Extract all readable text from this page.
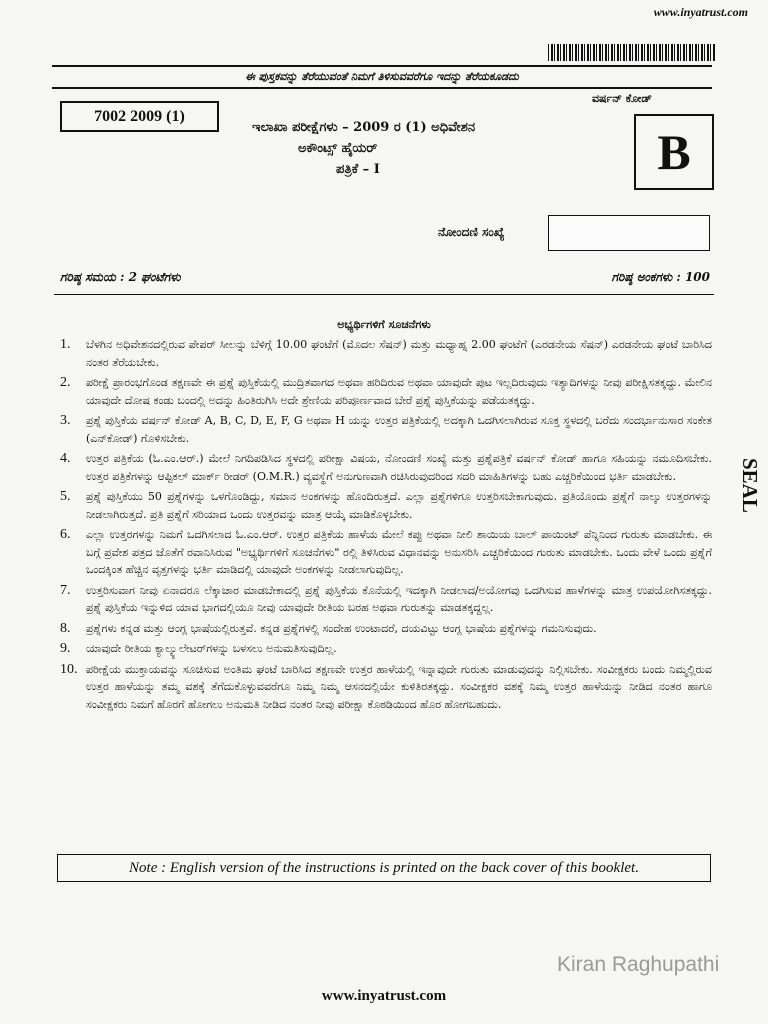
www.inyatrust.com
ಈ ಪುಸ್ತಕವನ್ನು ತೆರೆಯುವಂತೆ ನಿಮಗೆ ತಿಳಿಸುವವರೆಗೂ ಇದನ್ನು ತೆರೆಯಕೂಡದು
7002 2009 (1)
ಇಲಾಖಾ ಪರೀಕ್ಷೆಗಳು – 2009 ರ (1) ಅಧಿವೇಶನ
ಅಕೌಂಟ್ಸ್ ಹೈಯರ್
ಪತ್ರಿಕೆ – I
ವರ್ಷನ್ ಕೋಡ್
B
ನೋಂದಣಿ ಸಂಖ್ಯೆ
ಗರಿಷ್ಠ ಸಮಯ : 2 ಘಂಟೆಗಳು	ಗರಿಷ್ಠ ಅಂಕಗಳು : 100
ಅಭ್ಯರ್ಥಿಗಳಿಗೆ ಸೂಚನೆಗಳು
1. ಬೆಳಗಿನ ಅಧಿವೇಶನದಲ್ಲಿರುವ ಪೇಪರ್ ಸೀಲನ್ನು ಬೆಳಿಗ್ಗೆ 10.00 ಘಂಟೆಗೆ (ಮೊದಲ ಸೆಷನ್) ಮತ್ತು ಮಧ್ಯಾಹ್ನ 2.00 ಘಂಟೆಗೆ (ಎರಡನೇಯ ಸೆಷನ್) ಎರಡನೇಯ ಘಂಟೆ ಬಾರಿಸಿದ ನಂತರ ತೆರೆಯಬೇಕು.
2. ಪರೀಕ್ಷೆ ಪ್ರಾರಂಭಗೊಂಡ ತಕ್ಷಣವೇ ಈ ಪ್ರಶ್ನೆ ಪುಸ್ತಿಕೆಯಲ್ಲಿ ಮುದ್ರಿತವಾಗದ ಅಥವಾ ಹರಿದಿರುವ ಅಥವಾ ಯಾವುದೇ ಪುಟ ಇಲ್ಲದಿರುವುದು ಇತ್ಯಾದಿಗಳನ್ನು ನೀವು ಪರೀಕ್ಷಿಸತಕ್ಕದ್ದು. ಮೇಲಿನ ಯಾವುದೇ ದೋಷ ಕಂಡು ಬಂದಲ್ಲಿ ಅದನ್ನು ಹಿಂತಿರುಗಿಸಿ ಅದೇ ಶ್ರೇಣಿಯ ಪರಿಪೂರ್ಣವಾದ ಬೇರೆ ಪ್ರಶ್ನೆ ಪುಸ್ತಿಕೆಯನ್ನು ಪಡೆಯತಕ್ಕದ್ದು.
3. ಪ್ರಶ್ನೆ ಪುಸ್ತಿಕೆಯ ವರ್ಷನ್ ಕೋಡ್ A, B, C, D, E, F, G ಅಥವಾ H ಯನ್ನು ಉತ್ತರ ಪತ್ರಿಕೆಯಲ್ಲಿ ಅದಕ್ಕಾಗಿ ಒದಗಿಸಲಾಗಿರುವ ಸೂಕ್ತ ಸ್ಥಳದಲ್ಲಿ ಬರೆದು ಸಂದರ್ಭಾನುಸಾರ ಸಂಕೇತ (ಎನ್‌ಕೋಡ್) ಗೊಳಿಸಬೇಕು.
4. ಉತ್ತರ ಪತ್ರಿಕೆಯ (ಓ.ಎಂ.ಆರ್.) ಮೇಲೆ ನಿಗದಿಪಡಿಸಿದ ಸ್ಥಳದಲ್ಲಿ ಪರೀಕ್ಷಾ ವಿಷಯ, ನೋಂದಣಿ ಸಂಖ್ಯೆ ಮತ್ತು ಪ್ರಶ್ನೆಪತ್ರಿಕೆ ವರ್ಷನ್ ಕೋಡ್ ಹಾಗೂ ಸಹಿಯನ್ನು ನಮೂದಿಸಬೇಕು. ಉತ್ತರ ಪತ್ರಿಕೆಗಳನ್ನು ಆಪ್ಟಿಕಲ್ ಮಾರ್ಕ್ ರೀಡರ್ (O.M.R.) ವ್ಯವಸ್ಥೆಗೆ ಅನುಗುಣವಾಗಿ ರಚಿಸಿರುವುದರಿಂದ ಸದರಿ ಮಾಹಿತಿಗಳನ್ನು ಬಹು ಎಚ್ಚರಿಕೆಯಿಂದ ಭರ್ತಿ ಮಾಡಬೇಕು.
5. ಪ್ರಶ್ನೆ ಪುಸ್ತಿಕೆಯು 50 ಪ್ರಶ್ನೆಗಳನ್ನು ಒಳಗೊಂಡಿದ್ದು, ಸಮಾನ ಅಂಕಗಳನ್ನು ಹೊಂದಿರುತ್ತದೆ. ಎಲ್ಲಾ ಪ್ರಶ್ನೆಗಳಿಗೂ ಉತ್ತರಿಸಬೇಕಾಗುವುದು. ಪ್ರತಿಯೊಂದು ಪ್ರಶ್ನೆಗೆ ನಾಲ್ಕು ಉತ್ತರಗಳನ್ನು ನೀಡಲಾಗಿರುತ್ತದೆ. ಪ್ರತಿ ಪ್ರಶ್ನೆಗೆ ಸರಿಯಾದ ಒಂದು ಉತ್ತರವನ್ನು ಮಾತ್ರ ಆಯ್ಕೆ ಮಾಡಿಕೊಳ್ಳಬೇಕು.
6. ಎಲ್ಲಾ ಉತ್ತರಗಳನ್ನು ನಿಮಗೆ ಒದಗಿಸಲಾದ ಓ.ಎಂ.ಆರ್. ಉತ್ತರ ಪತ್ರಿಕೆಯ ಹಾಳೆಯ ಮೇಲೆ ಕಪ್ಪು ಅಥವಾ ನೀಲಿ ಶಾಯಿಯ ಬಾಲ್ ಪಾಯಿಂಟ್ ಪೆನ್ನಿನಿಂದ ಗುರುತು ಮಾಡಬೇಕು. ಈ ಬಗ್ಗೆ ಪ್ರವೇಶ ಪತ್ರದ ಜೊತೆಗೆ ರವಾನಿಸಿರುವ "ಅಭ್ಯರ್ಥಿಗಳಿಗೆ ಸೂಚನೆಗಳು" ರಲ್ಲಿ ತಿಳಿಸಿರುವ ವಿಧಾನವನ್ನು ಅನುಸರಿಸಿ ಎಚ್ಚರಿಕೆಯಿಂದ ಗುರುತು ಮಾಡಬೇಕು. ಒಂದು ವೇಳೆ ಒಂದು ಪ್ರಶ್ನೆಗೆ ಒಂದಕ್ಕಿಂತ ಹೆಚ್ಚಿನ ವೃತ್ತಗಳನ್ನು ಭರ್ತಿ ಮಾಡಿದಲ್ಲಿ ಯಾವುದೇ ಅಂಕಗಳನ್ನು ನೀಡಲಾಗುವುದಿಲ್ಲ.
7. ಉತ್ತರಿಸುವಾಗ ನೀವು ಏನಾದರೂ ಲೆಕ್ಕಾಚಾರ ಮಾಡಬೇಕಾದಲ್ಲಿ ಪ್ರಶ್ನೆ ಪುಸ್ತಿಕೆಯ ಕೊನೆಯಲ್ಲಿ ಇದಕ್ಕಾಗಿ ನೀಡಲಾದ/ಅಯೋಗವು ಒದಗಿಸುವ ಹಾಳೆಗಳನ್ನು ಮಾತ್ರ ಉಪಯೋಗಿಸತಕ್ಕದ್ದು. ಪ್ರಶ್ನೆ ಪುಸ್ತಿಕೆಯ ಇನ್ನುಳಿದ ಯಾವ ಭಾಗದಲ್ಲಿಯೂ ನೀವು ಯಾವುದೇ ರೀತಿಯ ಬರಹ ಅಥವಾ ಗುರುತನ್ನು ಮಾಡತಕ್ಕದ್ದಲ್ಲ.
8. ಪ್ರಶ್ನೆಗಳು ಕನ್ನಡ ಮತ್ತು ಆಂಗ್ಲ ಭಾಷೆಯಲ್ಲಿರುತ್ತವೆ. ಕನ್ನಡ ಪ್ರಶ್ನೆಗಳಲ್ಲಿ ಸಂದೇಹ ಉಂಟಾದರೆ, ದಯವಿಟ್ಟು ಆಂಗ್ಲ ಭಾಷೆಯ ಪ್ರಶ್ನೆಗಳನ್ನು ಗಮನಿಸುವುದು.
9. ಯಾವುದೇ ರೀತಿಯ ಕ್ಯಾಲ್ಕ್ಯುಲೇಟರ್‌ಗಳನ್ನು ಬಳಸಲು ಅನುಮತಿಸುವುದಿಲ್ಲ.
10. ಪರೀಕ್ಷೆಯ ಮುಕ್ತಾಯವನ್ನು ಸೂಚಿಸುವ ಅಂತಿಮ ಘಂಟೆ ಬಾರಿಸಿದ ತಕ್ಷಣವೇ ಉತ್ತರ ಹಾಳೆಯಲ್ಲಿ ಇನ್ನಾವುದೇ ಗುರುತು ಮಾಡುವುದನ್ನು ನಿಲ್ಲಿಸಬೇಕು. ಸಂವೀಕ್ಷಕರು ಬಂದು ನಿಮ್ಮಲ್ಲಿರುವ ಉತ್ತರ ಹಾಳೆಯನ್ನು ತಮ್ಮ ವಶಕ್ಕೆ ತೆಗೆದುಕೊಳ್ಳುವವರೆಗೂ ನಿಮ್ಮ ನಿಮ್ಮ ಆಸನದಲ್ಲಿಯೇ ಕುಳಿತಿರತಕ್ಕದ್ದು. ಸಂವೀಕ್ಷಕರ ವಶಕ್ಕೆ ನಿಮ್ಮ ಉತ್ತರ ಹಾಳೆಯನ್ನು ನೀಡಿದ ನಂತರ ಹಾಗೂ ಸಂವೀಕ್ಷಕರು ನಿಮಗೆ ಹೊರಗೆ ಹೋಗಲು ಅನುಮತಿ ನೀಡಿದ ನಂತರ ನೀವು ಪರೀಕ್ಷಾ ಕೊಠಡಿಯಿಂದ ಹೊರ ಹೋಗಬಹುದು.
Note : English version of the instructions is printed on the back cover of this booklet.
SEAL
Kiran Raghupathi
www.inyatrust.com
